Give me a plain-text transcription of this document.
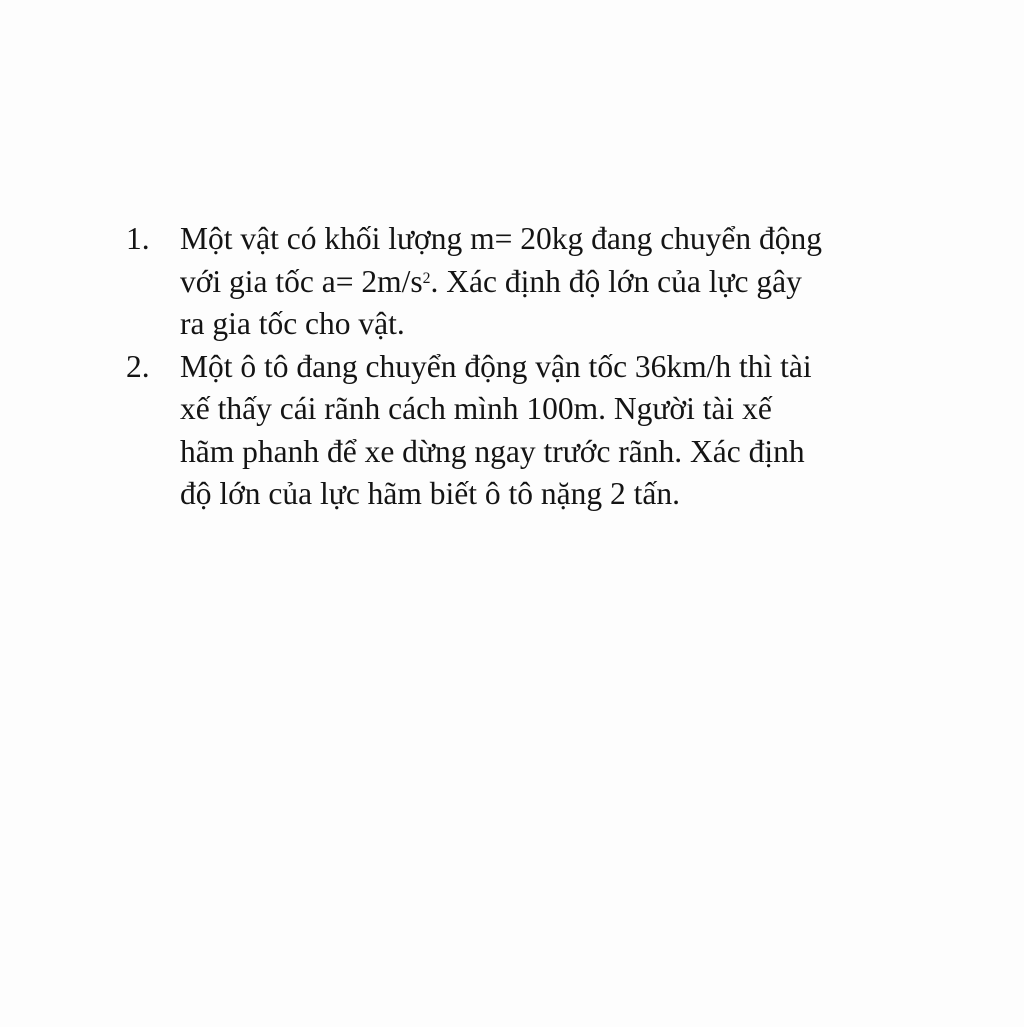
1. Một vật có khối lượng m= 20kg đang chuyển động
với gia tốc $a= 2m/s^2$. Xác định độ lớn của lực gây
ra gia tốc cho vật.
2. Một ô tô đang chuyển động vận tốc 36km/h thì tài
xế thấy cái rãnh cách mình 100m. Người tài xế
hãm phanh để xe dừng ngay trước rãnh. Xác định
độ lớn của lực hãm biết ô tô nặng 2 tấn.
